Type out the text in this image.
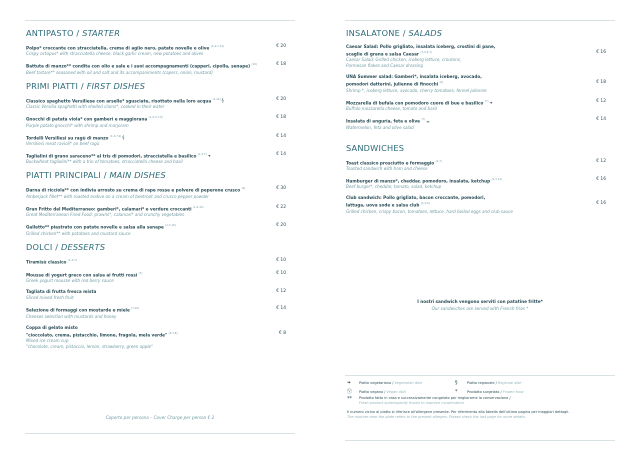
ANTIPASTO / STARTER
Polpo* croccante con stracciatella, crema di aglio nero, patate novelle e olive $^{(1-4-7-14)}$
Crispy octopus* with stracciatella cheese, black garlic cream, new potatoes and olives
€ 20
Battuta di manzo** condita con olio e sale e i suoi accompagnamenti (capperi, cipolla, senape) $^{(10)}$
Beef tartare** seasoned with oil and salt and its accompaniments (capers, onion, mustard)
€ 18
PRIMI PIATTI / FIRST DISHES
Classico spaghetto Versiliese con arselle* sgusciate, risottato nella loro acqua $^{(1-14)}$§
Classic Versilia spaghetti with shelled clams*, cooked in their water
€ 20
Gnocchi di patata viola* con gamberi e maggiorana $^{(1-2-3-7-9)}$
Purple potato gnocchi* with shrimp and marjoram
€ 18
Tordelli Versiliesi su ragù di manzo $^{(1-3-7-9)}$§
Versiliesi meat ravioli* on beef ragù
€ 14
Taglialini di grano saraceno** al tris di pomodori, stracciatella e basilico $^{(1-3-7)}$❧
Buckwheat tagliolini** with a trio of tomatoes, stracciatella cheese and basil
€ 14
PIATTI PRINCIPALI / MAIN DISHES
Darna di ricciola** con indivia arrosto su crema di rape rosse e polvere di peperone crusco $^{(4)}$
Amberjack fillet** with roasted endive on a cream of beetroot and crusco pepper powder
€ 30
Gran Fritto del Mediterraneo: gamberi*, calamari* e verdure croccanti $^{(1-2-14)}$
Great Mediterranean Fried Food: prawns*, calamari* and crunchy vegetables
€ 22
Galletto** piastrato con patate novelle e salsa alla senape $^{(1-7-10)}$
Grilled chicken** with potatoes and mustard sauce
€ 20
DOLCI / DESSERTS
Tiramisù classico $^{(1-3-7)}$	€ 10
Mousse di yogurt greco con salsa ai frutti rossi $^{(7)}$
Greek yogurt mousse with red berry sauce
€ 10
Tagliata di frutta fresca mista
Sliced mixed fresh fruit
€ 12
Selezione di formaggi con mostarde e miele $^{(7-10)}$
Cheeses selection with mustards and honey
€ 14
Coppa di gelato misto
"cioccolato, crema, pistacchio, limone, fragola, mela verde" $^{(3-7-8)}$
Mixed ice cream cup
"chocolate, cream, pistaccio, lemon, strawberry, green apple"
€ 8
Coperto per persona – Cover Charge per person € 2
INSALATONE / SALADS
Caesar Salad: Pollo grigliato, insalata iceberg, crostini di pane,
scaglie di grana e salsa Caesar $^{(1-3-4-7)}$
Caesar Salad: Grilled chicken, iceberg lettuce, croutons,
Parmesan flakes and Caesar dressing
€ 16
UNA Summer salad: Gamberi*, insalata iceberg, avocado,
pomodori datterini, julienne di finocchi $^{(2)}$
Shrimp *, iceberg lettuce, avocado, cherry tomatoes, fennel julienne
€ 18
Mozzarella di bufala con pomodoro cuore di bue e basilico $^{(7)}$❧
Buffalo mozzarella cheese, tomato and basil
€ 12
Insalata di anguria, feta e olive $^{(7)}$❧
Watermelon, feta and olive salad
€ 14
SANDWICHES
Toast classico prosciutto e formaggio $^{(1-7)}$
Toasted sandwich with ham and cheese
€ 12
Hamburger di manzo*, cheddar, pomodoro, insalata, ketchup $^{(1-7-11)}$
Beef burger*, cheddar, tomato, salad, ketchup
€ 16
Club sandwich: Pollo grigliato, bacon croccante, pomodori,
lattuga, uova sode e salsa club $^{(1-3-9)}$
Grilled chicken, crispy bacon, tomatoes, lettuce, hard boiled eggs and club sauce
€ 16
I nostri sandwich vengono serviti con patatine fritte*
Our sandwiches are served with French fries *
❧	Piatto vegetariano / Vegetarian dish	§	Piatto regionale / Regional dish
Ⓥ	Piatto vegano / Vegan dish	*	Prodotto surgelato / Frozen food
**	Prodotto fatto in casa e successivamente congelato per migliorarne la conservazione /
Fresh product subsequently frozen to improve conservation
Il numero vicino al piatto si riferisce all'allergene presente. Per riferimento alla tabella dell'ultima pagina per maggiori dettagli.
The number near the plate refers to the present allergen. Please check the last page for more details.
